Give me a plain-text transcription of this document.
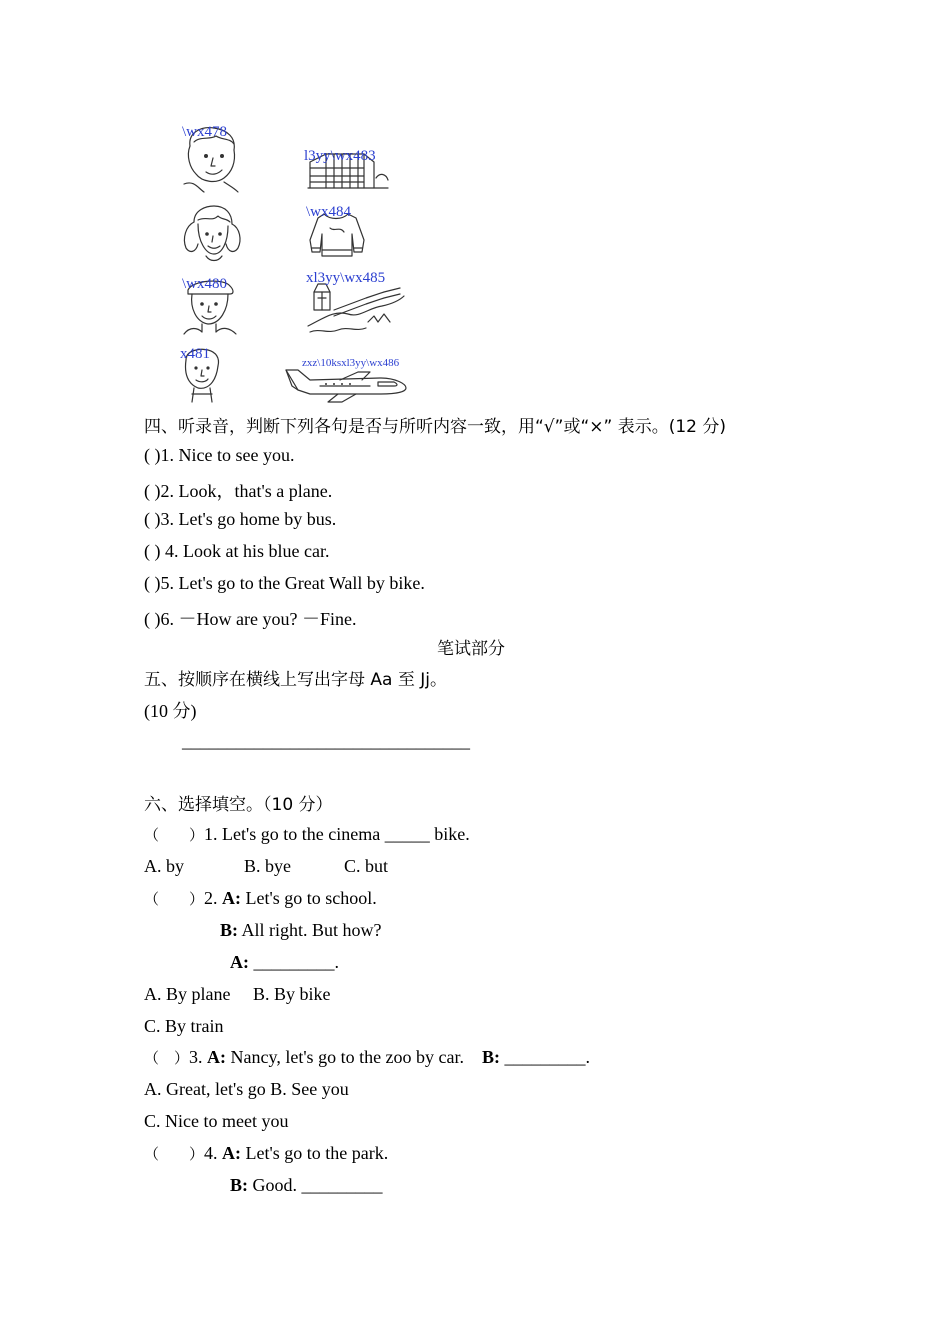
\wx478
l3yy\wx483
\wx484
\wx480	xl3yy\wx485
x481
zxz\10ksxl3yy\wx486
四、听录音，判断下列各句是否与所听内容一致，用“√”或“×” 表示。(12 分)
( )1. Nice to see you.
( )2. Look，that's a plane.
( )3. Let's go home by bus.
( ) 4. Look at his blue car.
( )5. Let's go to the Great Wall by bike.
( )6. －How are you? －Fine.
笔试部分
五、按顺序在横线上写出字母 Aa 至 Jj。
(10 分)
________________________________
六、选择填空。（10 分）
（　　）1. Let's go to the cinema _____ bike.
A. by	B. bye	C. but
（　　）2. A: Let's go to school.
B: All right. But how?
A: _________.
A. By plane     B. By bike
C. By train
（　）3. A: Nancy, let's go to the zoo by car.    B: _________.
A. Great, let's go B. See you
C. Nice to meet you
（　　）4. A: Let's go to the park.
B: Good. _________
